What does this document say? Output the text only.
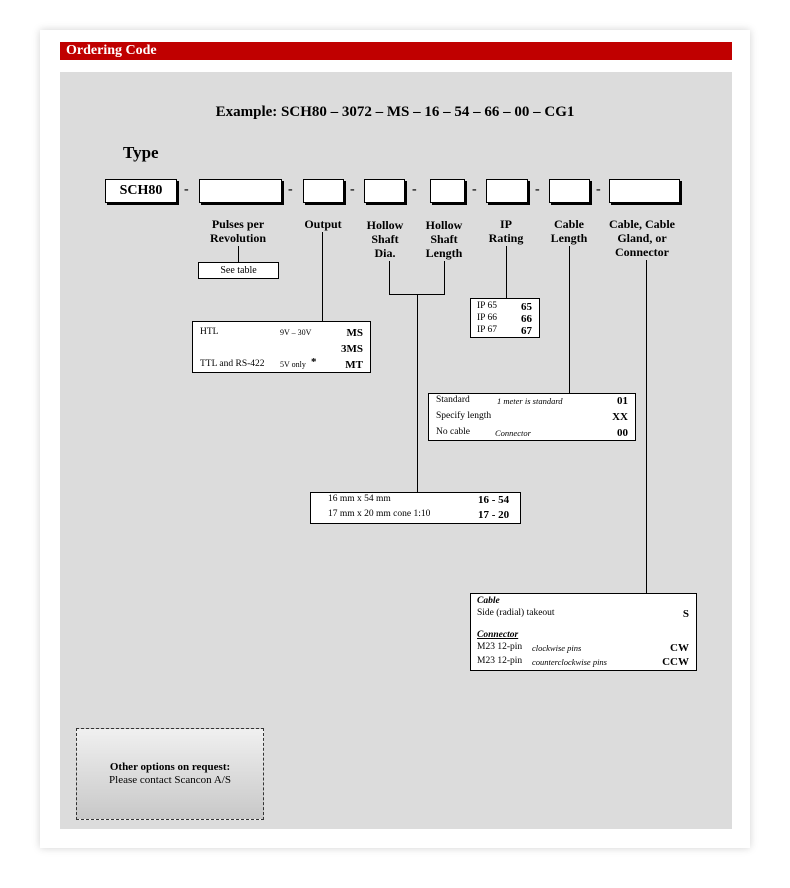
Ordering Code
Example: SCH80 – 3072 – MS – 16 – 54 – 66 – 00 – CG1
Type
SCH80	-	-	-	-	-	-	-
Pulses per Revolution
Output	Hollow Shaft Dia.
Hollow Shaft Length
IP Rating
Cable Length
Cable, Cable Gland, or Connector
See table
HTL	9V – 30V	MS
3MS
TTL and RS-422 5V only *	MT
IP 65 65
IP 66 66
IP 67 67
Standard	1 meter is standard	01
Specify length	XX
No cable	Connector	00
16 mm x 54 mm	16 - 54
17 mm x 20 mm cone 1:10	17 - 20
Cable
Side (radial) takeout	S
Connector
M23 12-pin clockwise pins	CW
M23 12-pin counterclockwise pins	CCW
Other options on request:
Please contact Scancon A/S
